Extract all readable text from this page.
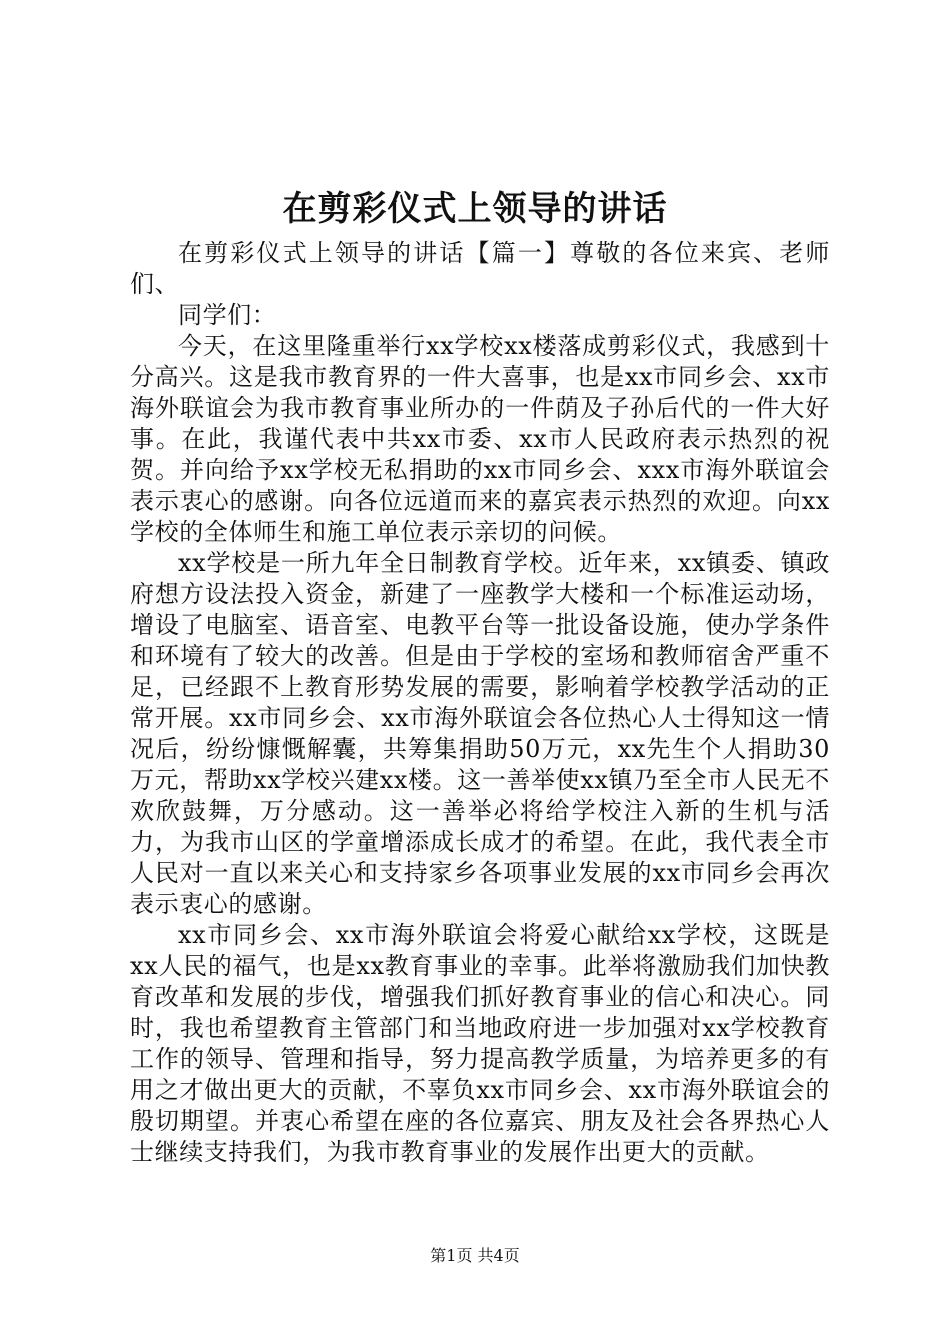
在剪彩仪式上领导的讲话

在剪彩仪式上领导的讲话【篇一】尊敬的各位来宾、老师们、

同学们：

今天，在这里隆重举行xx学校xx楼落成剪彩仪式，我感到十分高兴。这是我市教育界的一件大喜事，也是xx市同乡会、xx市海外联谊会为我市教育事业所办的一件荫及子孙后代的一件大好事。在此，我谨代表中共xx市委、xx市人民政府表示热烈的祝贺。并向给予xx学校无私捐助的xx市同乡会、xxx市海外联谊会表示衷心的感谢。向各位远道而来的嘉宾表示热烈的欢迎。向xx学校的全体师生和施工单位表示亲切的问候。

xx学校是一所九年全日制教育学校。近年来，xx镇委、镇政府想方设法投入资金，新建了一座教学大楼和一个标准运动场，增设了电脑室、语音室、电教平台等一批设备设施，使办学条件和环境有了较大的改善。但是由于学校的室场和教师宿舍严重不足，已经跟不上教育形势发展的需要，影响着学校教学活动的正常开展。xx市同乡会、xx市海外联谊会各位热心人士得知这一情况后，纷纷慷慨解囊，共筹集捐助50万元，xx先生个人捐助30万元，帮助xx学校兴建xx楼。这一善举使xx镇乃至全市人民无不欢欣鼓舞，万分感动。这一善举必将给学校注入新的生机与活力，为我市山区的学童增添成长成才的希望。在此，我代表全市人民对一直以来关心和支持家乡各项事业发展的xx市同乡会再次表示衷心的感谢。

xx市同乡会、xx市海外联谊会将爱心献给xx学校，这既是xx人民的福气，也是xx教育事业的幸事。此举将激励我们加快教育改革和发展的步伐，增强我们抓好教育事业的信心和决心。同时，我也希望教育主管部门和当地政府进一步加强对xx学校教育工作的领导、管理和指导，努力提高教学质量，为培养更多的有用之才做出更大的贡献，不辜负xx市同乡会、xx市海外联谊会的殷切期望。并衷心希望在座的各位嘉宾、朋友及社会各界热心人士继续支持我们，为我市教育事业的发展作出更大的贡献。

第1页 共4页
